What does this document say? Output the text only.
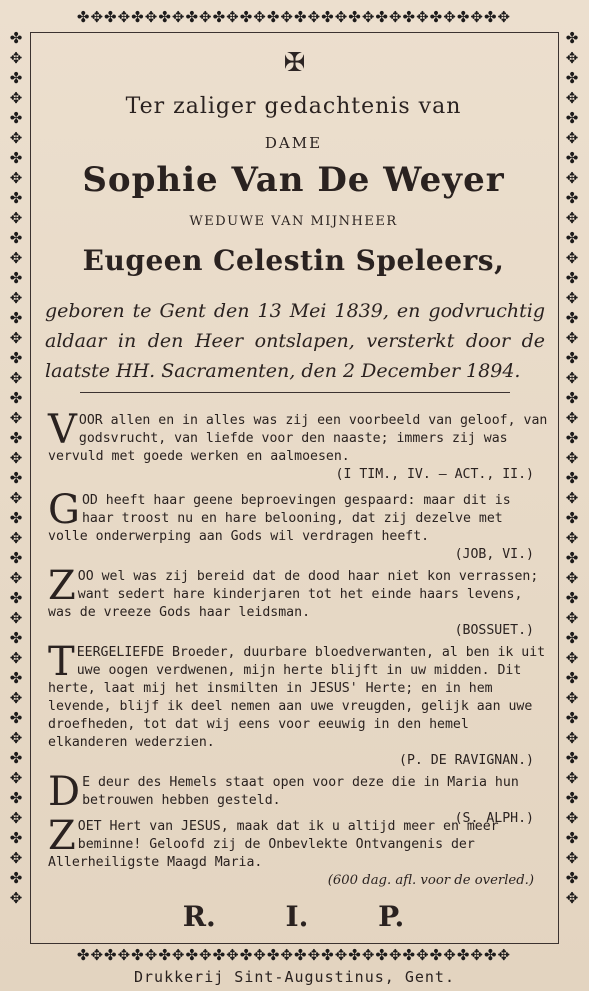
✤✥✤✥✤✥✤✥✤✥✤✥✤✥✤✥✤✥✤✥✤✥✤✥✤✥✤✥✤✥✤✥
✤✥✤✥✤✥✤✥✤✥✤✥✤✥✤✥✤✥✤✥✤✥✤✥✤✥✤✥✤✥✤✥
✤✥✤✥✤✥✤✥✤✥✤✥✤✥✤✥✤✥✤✥✤✥✤✥✤✥✤✥✤✥✤✥✤✥✤✥✤✥✤✥✤✥✤✥
✤✥✤✥✤✥✤✥✤✥✤✥✤✥✤✥✤✥✤✥✤✥✤✥✤✥✤✥✤✥✤✥✤✥✤✥✤✥✤✥✤✥✤✥
✠
Ter zaliger gedachtenis van
DAME
Sophie Van De Weyer
WEDUWE VAN MIJNHEER
Eugeen Celestin Speleers,
geboren te Gent den 13 Mei 1839, en godvruchtig aldaar in den Heer ontslapen, versterkt door de laatste HH. Sacramenten, den 2 December 1894.
V OOR allen en in alles was zij een voorbeeld van geloof, van godsvrucht, van liefde voor den naaste; immers zij was vervuld met goede werken en aalmoesen.

(I TIM., IV. — ACT., II.)
G OD heeft haar geene beproevingen gespaard: maar dit is haar troost nu en hare belooning, dat zij dezelve met volle onderwerping aan Gods wil verdragen heeft.

(JOB, VI.)
Z OO wel was zij bereid dat de dood haar niet kon verrassen; want sedert hare kinderjaren tot het einde haars levens, was de vreeze Gods haar leidsman.

(BOSSUET.)
T EERGELIEFDE Broeder, duurbare bloedverwanten, al ben ik uit uwe oogen verdwenen, mijn herte blijft in uw midden. Dit herte, laat mij het insmilten in JESUS' Herte; en in hem levende, blijf ik deel nemen aan uwe vreugden, gelijk aan uwe droefheden, tot dat wij eens voor eeuwig in den hemel elkanderen wederzien.

(P. DE RAVIGNAN.)
D E deur des Hemels staat open voor deze die in Maria hun betrouwen hebben gesteld.

(S. ALPH.)
Z OET Hert van JESUS, maak dat ik u altijd meer en meer beminne! Geloofd zij de Onbevlekte Ontvangenis der Allerheiligste Maagd Maria.

(600 dag. afl. voor de overled.)
R. I. P.
Drukkerij Sint-Augustinus, Gent.
